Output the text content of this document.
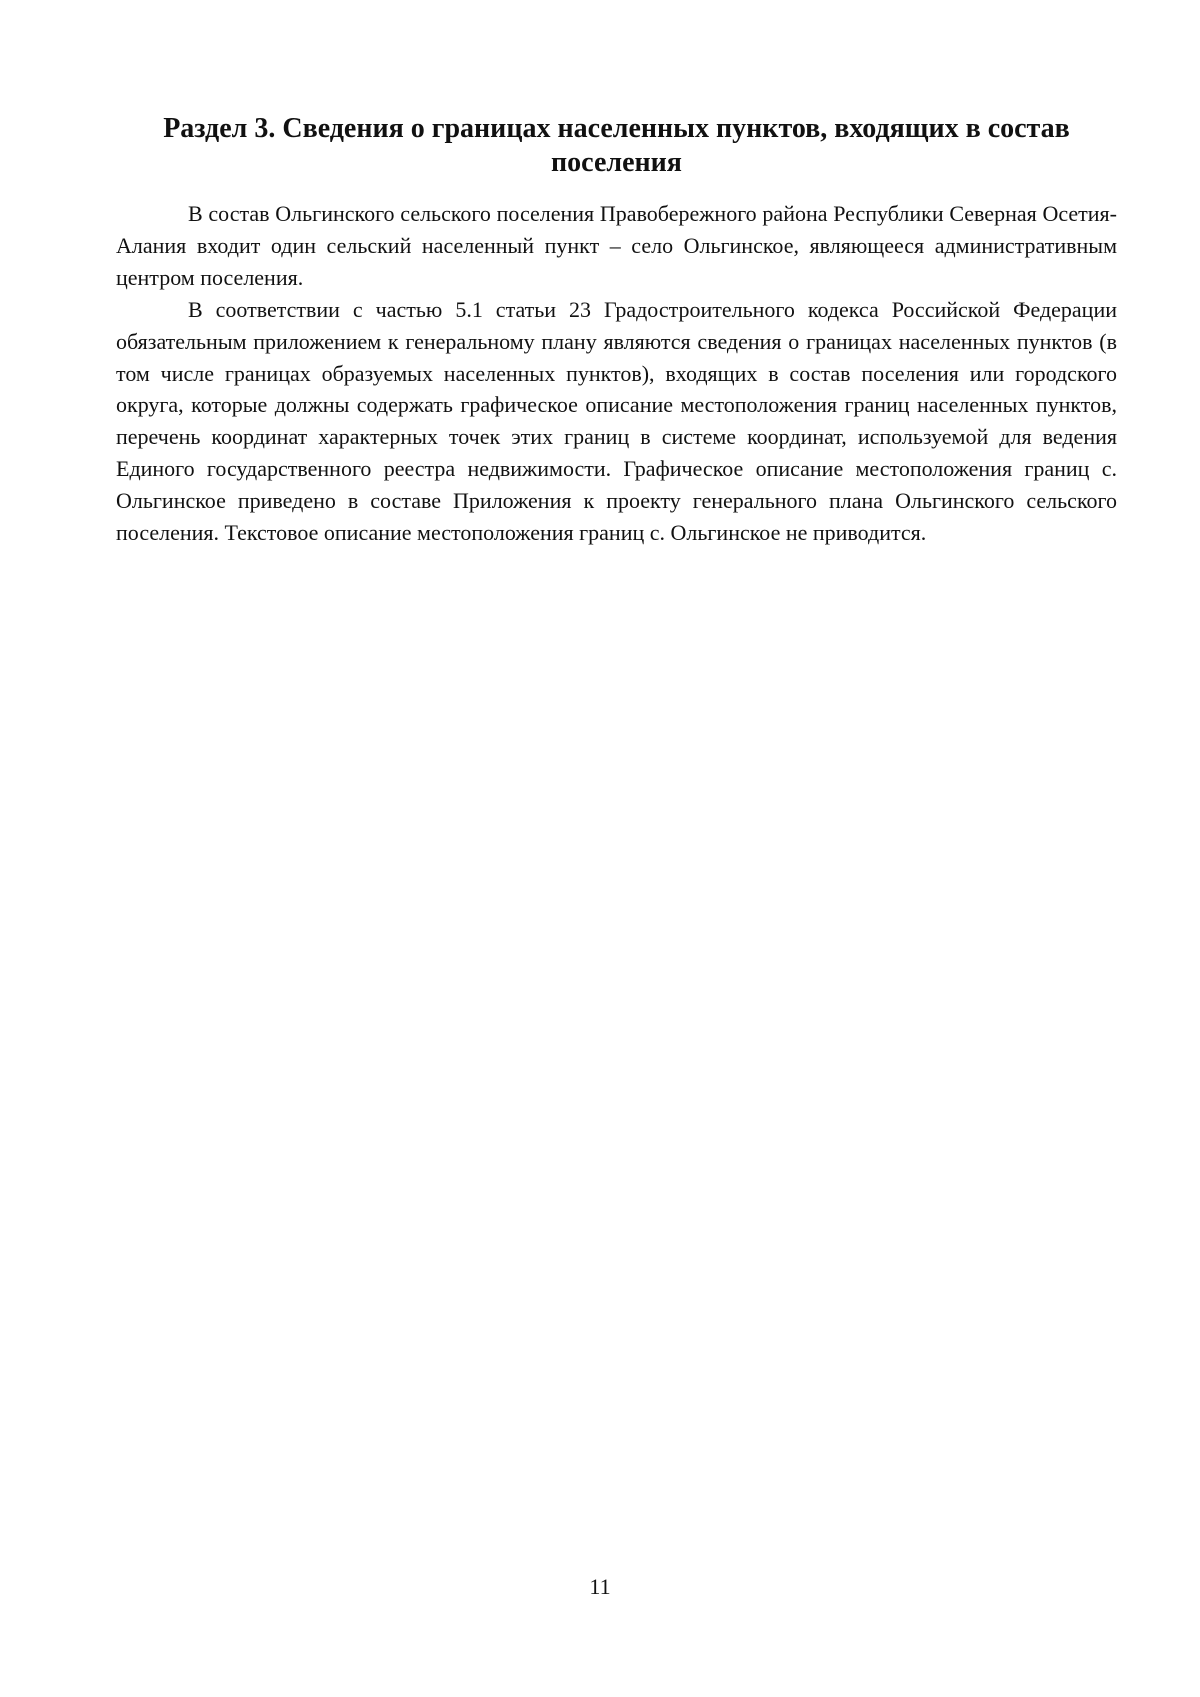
Раздел 3. Сведения о границах населенных пунктов, входящих в состав поселения

В состав Ольгинского сельского поселения Правобережного района Республики Северная Осетия-Алания входит один сельский населенный пункт – село Ольгинское, являющееся административным центром поселения.

В соответствии с частью 5.1 статьи 23 Градостроительного кодекса Российской Федерации обязательным приложением к генеральному плану являются сведения о границах населенных пунктов (в том числе границах образуемых населенных пунктов), входящих в состав поселения или городского округа, которые должны содержать графическое описание местоположения границ населенных пунктов, перечень координат характерных точек этих границ в системе координат, используемой для ведения Единого государственного реестра недвижимости. Графическое описание местоположения границ с. Ольгинское приведено в составе Приложения к проекту генерального плана Ольгинского сельского поселения. Текстовое описание местоположения границ с. Ольгинское не приводится.

11
